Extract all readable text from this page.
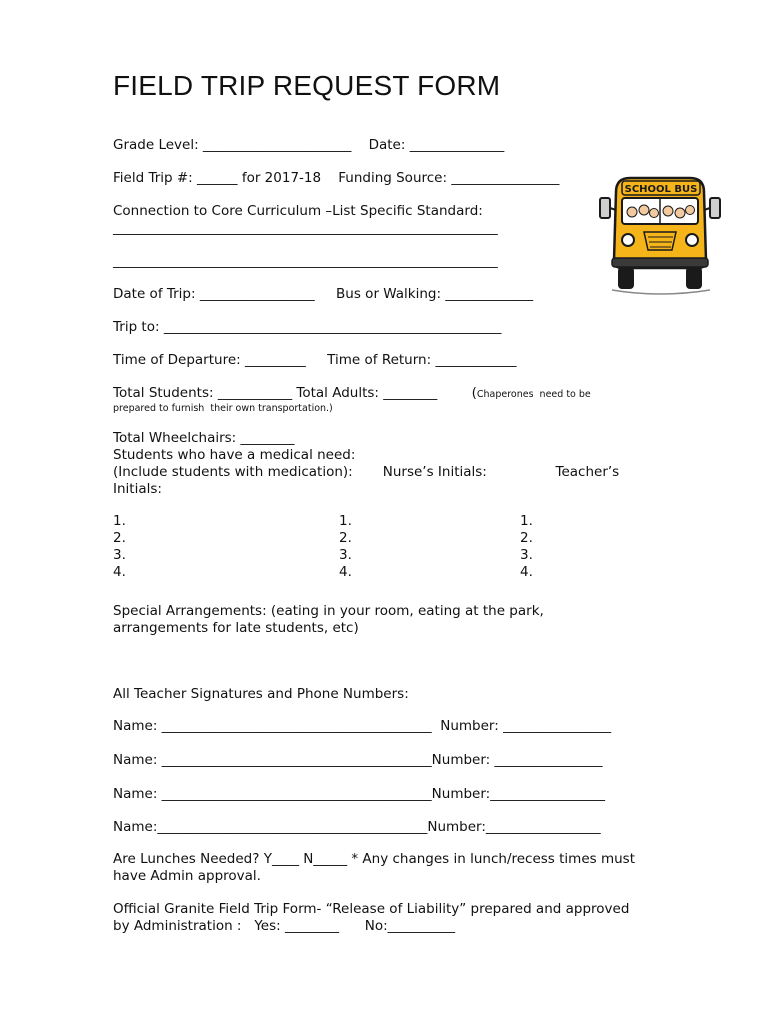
FIELD TRIP REQUEST FORM
Grade Level: ______________________    Date: ______________
Field Trip #: ______ for 2017-18    Funding Source: ________________
Connection to Core Curriculum –List Specific Standard:
_________________________________________________________
_________________________________________________________
Date of Trip: _________________     Bus or Walking: _____________
Trip to: __________________________________________________
Time of Departure: _________     Time of Return: ____________
Total Students: ___________ Total Adults: ________        (Chaperones  need to be
prepared to furnish  their own transportation.)
Total Wheelchairs: ________
Students who have a medical need:
(Include students with medication):       Nurse’s Initials:                Teacher’s
Initials:
1.
2.
3.
4.
1.
2.
3.
4.
1.
2.
3.
4.
Special Arrangements: (eating in your room, eating at the park,
arrangements for late students, etc)
All Teacher Signatures and Phone Numbers:
Name: ________________________________________  Number: ________________
Name: ________________________________________Number: ________________
Name: ________________________________________Number:_________________
Name:________________________________________Number:_________________
Are Lunches Needed? Y____ N_____ * Any changes in lunch/recess times must
have Admin approval.
Official Granite Field Trip Form- “Release of Liability” prepared and approved
by Administration :   Yes: ________      No:__________
SCHOOL BUS
